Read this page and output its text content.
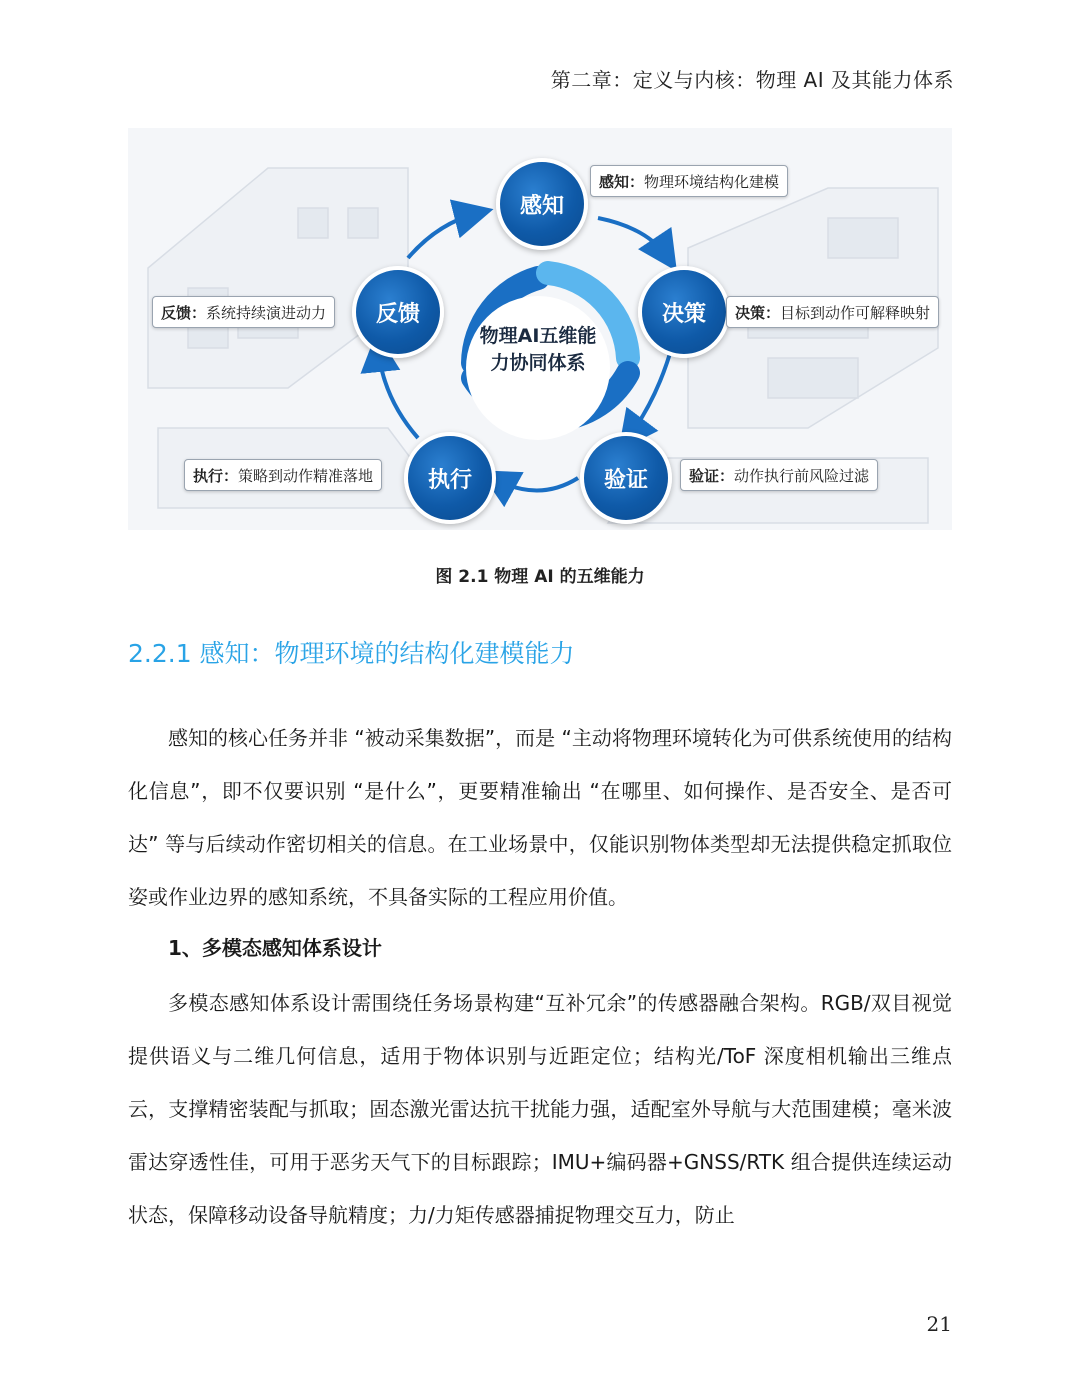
第二章：定义与内核：物理 AI 及其能力体系
物理AI五维能
力协同体系
感知
决策
验证
执行
反馈
感知： 物理环境结构化建模
决策： 目标到动作可解释映射
验证： 动作执行前风险过滤
执行： 策略到动作精准落地
反馈： 系统持续演进动力
图 2.1 物理 AI 的五维能力
2.2.1 感知：物理环境的结构化建模能力

感知的核心任务并非 “被动采集数据”，而是 “主动将物理环境转化为可供系统使用的结构化信息”，即不仅要识别 “是什么”，更要精准输出 “在哪里、如何操作、是否安全、是否可达” 等与后续动作密切相关的信息。在工业场景中，仅能识别物体类型却无法提供稳定抓取位姿或作业边界的感知系统，不具备实际的工程应用价值。

1、多模态感知体系设计

多模态感知体系设计需围绕任务场景构建“互补冗余”的传感器融合架构。RGB/双目视觉提供语义与二维几何信息，适用于物体识别与近距定位；结构光/ToF 深度相机输出三维点云，支撑精密装配与抓取；固态激光雷达抗干扰能力强，适配室外导航与大范围建模；毫米波雷达穿透性佳，可用于恶劣天气下的目标跟踪；IMU+编码器+GNSS/RTK 组合提供连续运动状态，保障移动设备导航精度；力/力矩传感器捕捉物理交互力，防止

21
